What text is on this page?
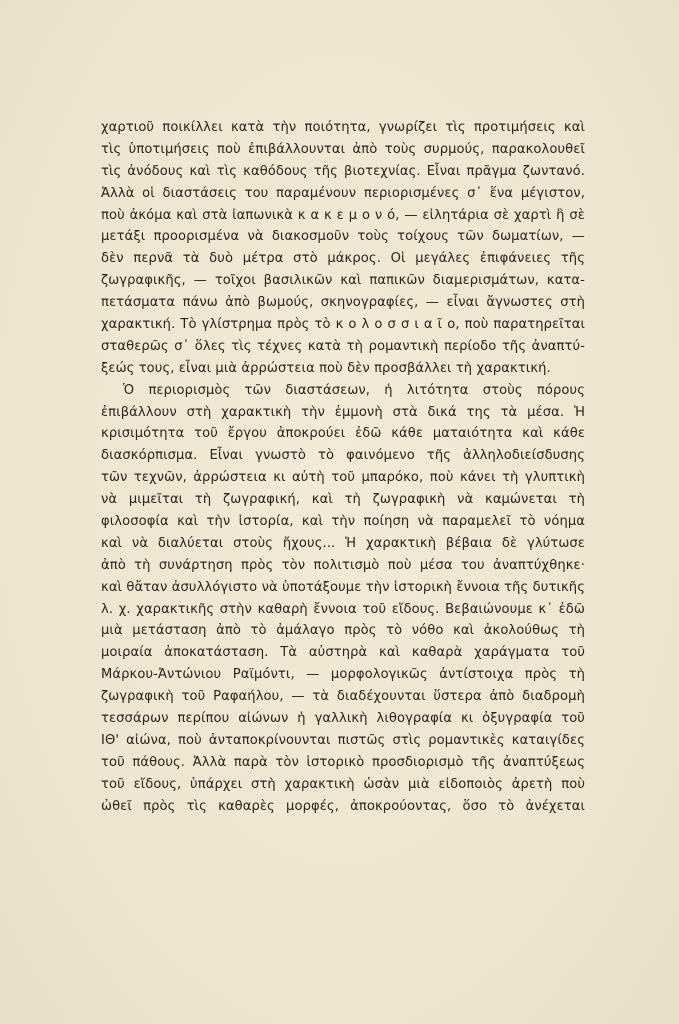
χαρτιοῦ ποικίλλει κατὰ τὴν ποιότητα, γνωρίζει τὶς προτιμήσεις καὶ
τὶς ὑποτιμήσεις ποὺ ἐπιβάλλουνται ἀπὸ τοὺς συρμούς, παρακολουθεῖ
τὶς ἀνόδους καὶ τὶς καθόδους τῆς βιοτεχνίας. Εἶναι πρᾶγμα ζωντανό.
Ἀλλὰ οἱ διαστάσεις του παραμένουν περιορισμένες σ᾿ ἕνα μέγιστον,
ποὺ ἀκόμα καὶ στὰ ἰαπωνικὰ κ α κ ε μ ο ν ό, — εἰλητάρια σὲ χαρτὶ ἢ σὲ
μετάξι προορισμένα νὰ διακοσμοῦν τοὺς τοίχους τῶν δωματίων, —
δὲν περνᾶ τὰ δυὸ μέτρα στὸ μάκρος. Οἱ μεγάλες ἐπιφάνειες τῆς
ζωγραφικῆς, — τοῖχοι βασιλικῶν καὶ παπικῶν διαμερισμάτων, κατα-
πετάσματα πάνω ἀπὸ βωμούς, σκηνογραφίες, — εἶναι ἄγνωστες στὴ
χαρακτική. Τὸ γλίστρημα πρὸς τὸ κ ο λ ο σ σ ι α ῖ ο, ποὺ παρατηρεῖται
σταθερῶς σ᾿ ὅλες τὶς τέχνες κατὰ τὴ ρομαντικὴ περίοδο τῆς ἀναπτύ-
ξεώς τους, εἶναι μιὰ ἀρρώστεια ποὺ δὲν προσβάλλει τὴ χαρακτική.
Ὁ περιορισμὸς τῶν διαστάσεων, ἡ λιτότητα στοὺς πόρους
ἐπιβάλλουν στὴ χαρακτικὴ τὴν ἐμμονὴ στὰ δικά της τὰ μέσα. Ἡ
κρισιμότητα τοῦ ἔργου ἀποκρούει ἐδῶ κάθε ματαιότητα καὶ κάθε
διασκόρπισμα. Εἶναι γνωστὸ τὸ φαινόμενο τῆς ἀλληλοδιείσδυσης
τῶν τεχνῶν, ἀρρώστεια κι αὐτὴ τοῦ μπαρόκο, ποὺ κάνει τὴ γλυπτικὴ
νὰ μιμεῖται τὴ ζωγραφική, καὶ τὴ ζωγραφικὴ νὰ καμώνεται τὴ
φιλοσοφία καὶ τὴν ἱστορία, καὶ τὴν ποίηση νὰ παραμελεῖ τὸ νόημα
καὶ νὰ διαλύεται στοὺς ἤχους... Ἡ χαρακτικὴ βέβαια δὲ γλύτωσε
ἀπὸ τὴ συνάρτηση πρὸς τὸν πολιτισμὸ ποὺ μέσα του ἀναπτύχθηκε·
καὶ θἄταν ἀσυλλόγιστο νὰ ὑποτάξουμε τὴν ἱστορικὴ ἔννοια τῆς δυτικῆς
λ. χ. χαρακτικῆς στὴν καθαρὴ ἔννοια τοῦ εἴδους. Βεβαιώνουμε κ᾿ ἐδῶ
μιὰ μετάσταση ἀπὸ τὸ ἀμάλαγο πρὸς τὸ νόθο καὶ ἀκολούθως τὴ
μοιραία ἀποκατάσταση. Τὰ αὐστηρὰ καὶ καθαρὰ χαράγματα τοῦ
Μάρκου-Ἀντώνιου Ραϊμόντι, — μορφολογικῶς ἀντίστοιχα πρὸς τὴ
ζωγραφικὴ τοῦ Ραφαήλου, — τὰ διαδέχουνται ὕστερα ἀπὸ διαδρομὴ
τεσσάρων περίπου αἰώνων ἡ γαλλικὴ λιθογραφία κι ὀξυγραφία τοῦ
ΙΘ' αἰώνα, ποὺ ἀνταποκρίνουνται πιστῶς στὶς ρομαντικὲς καταιγίδες
τοῦ πάθους. Ἀλλὰ παρὰ τὸν ἱστορικὸ προσδιορισμὸ τῆς ἀναπτύξεως
τοῦ εἴδους, ὑπάρχει στὴ χαρακτικὴ ὡσὰν μιὰ εἰδοποιὸς ἀρετὴ ποὺ
ὠθεῖ πρὸς τὶς καθαρὲς μορφές, ἀποκρούοντας, ὅσο τὸ ἀνέχεται
